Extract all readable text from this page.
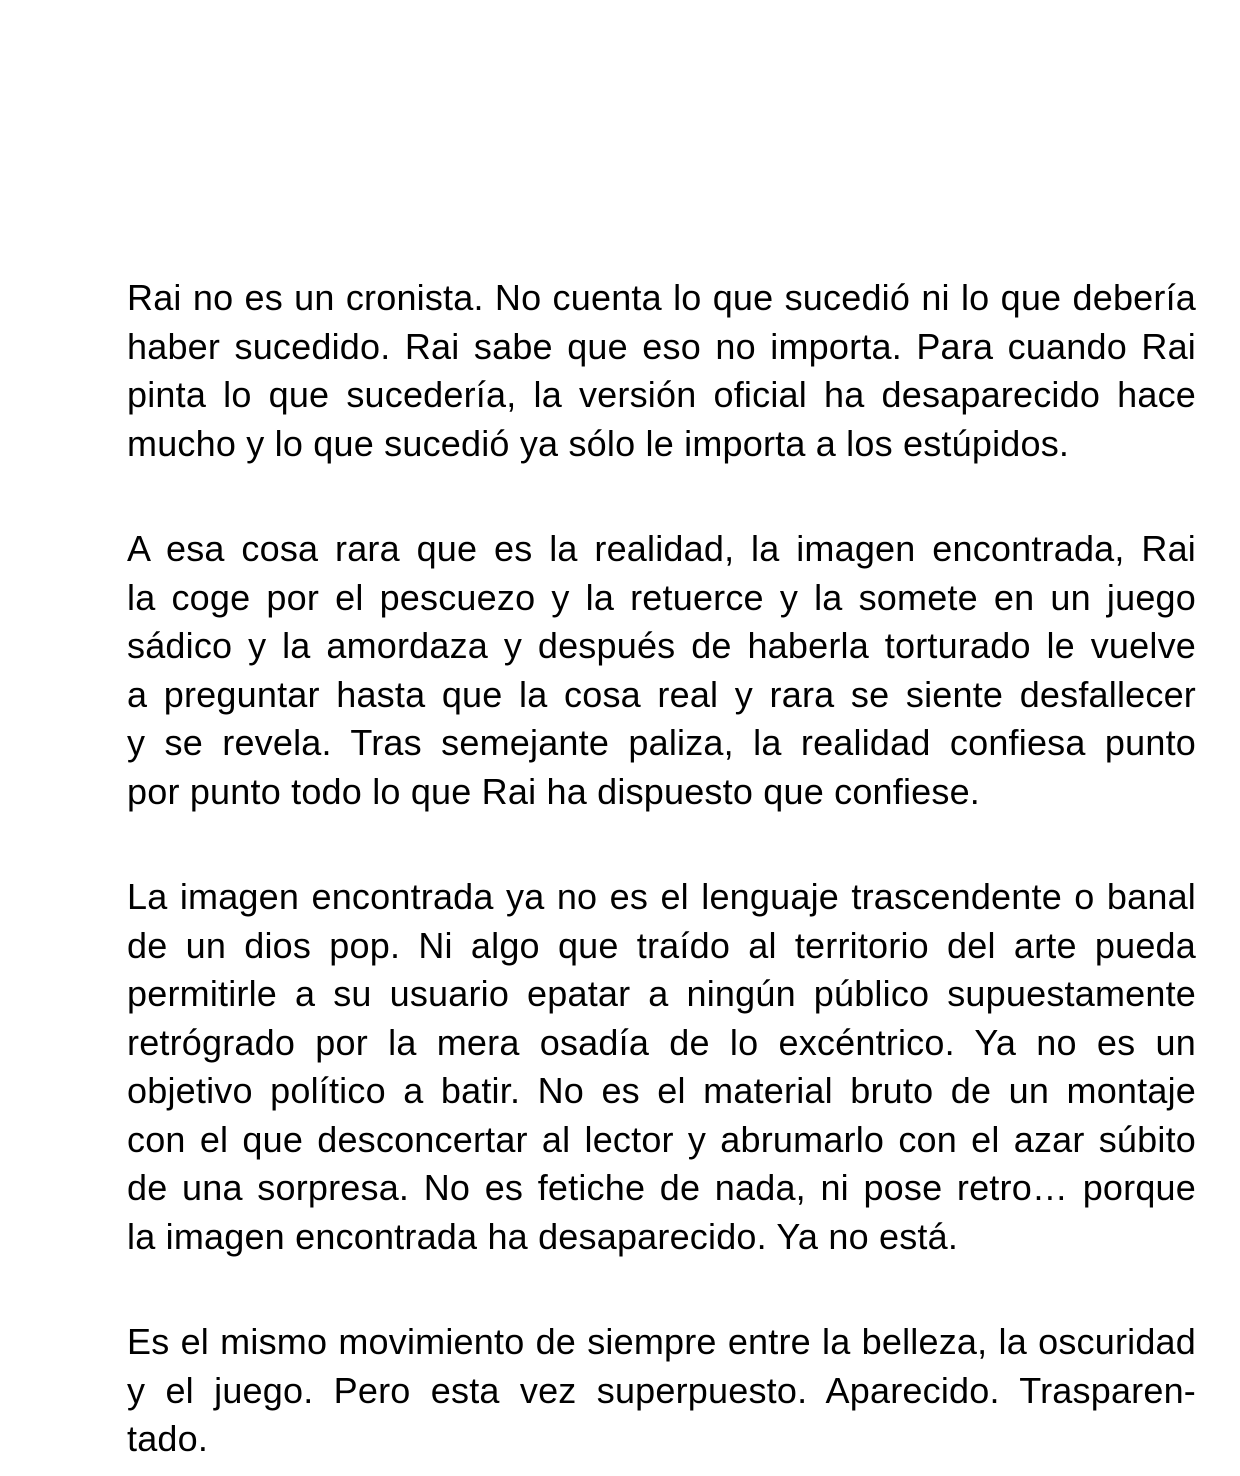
Rai no es un cronista. No cuenta lo que sucedió ni lo que debería
haber sucedido. Rai sabe que eso no importa. Para cuando Rai
pinta lo que sucedería, la versión oficial ha desaparecido hace
mucho y lo que sucedió ya sólo le importa a los estúpidos.
A esa cosa rara que es la realidad, la imagen encontrada, Rai
la coge por el pescuezo y la retuerce y la somete en un juego
sádico y la amordaza y después de haberla torturado le vuelve
a preguntar hasta que la cosa real y rara se siente desfallecer
y se revela. Tras semejante paliza, la realidad confiesa punto
por punto todo lo que Rai ha dispuesto que confiese.
La imagen encontrada ya no es el lenguaje trascendente o banal
de un dios pop. Ni algo que traído al territorio del arte pueda
permitirle a su usuario epatar a ningún público supuestamente
retrógrado por la mera osadía de lo excéntrico. Ya no es un
objetivo político a batir. No es el material bruto de un montaje
con el que desconcertar al lector y abrumarlo con el azar súbito
de una sorpresa. No es fetiche de nada, ni pose retro… porque
la imagen encontrada ha desaparecido. Ya no está.
Es el mismo movimiento de siempre entre la belleza, la oscuridad
y el juego. Pero esta vez superpuesto. Aparecido. Trasparen-
tado.
